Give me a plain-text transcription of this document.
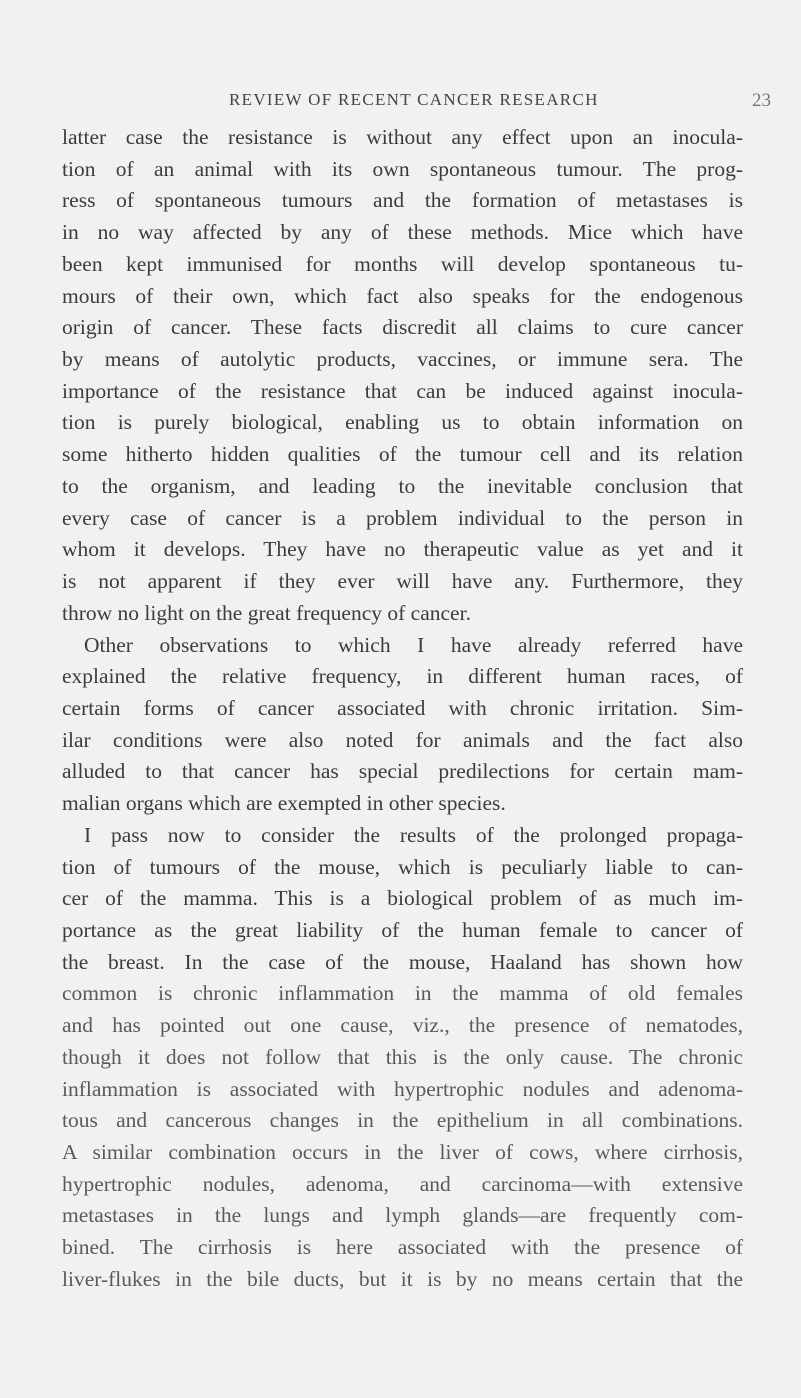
REVIEW OF RECENT CANCER RESEARCH	23
latter case the resistance is without any effect upon an inocula-
tion of an animal with its own spontaneous tumour. The prog-
ress of spontaneous tumours and the formation of metastases is
in no way affected by any of these methods. Mice which have
been kept immunised for months will develop spontaneous tu-
mours of their own, which fact also speaks for the endogenous
origin of cancer. These facts discredit all claims to cure cancer
by means of autolytic products, vaccines, or immune sera. The
importance of the resistance that can be induced against inocula-
tion is purely biological, enabling us to obtain information on
some hitherto hidden qualities of the tumour cell and its relation
to the organism, and leading to the inevitable conclusion that
every case of cancer is a problem individual to the person in
whom it develops. They have no therapeutic value as yet and it
is not apparent if they ever will have any. Furthermore, they
throw no light on the great frequency of cancer.
Other observations to which I have already referred have
explained the relative frequency, in different human races, of
certain forms of cancer associated with chronic irritation. Sim-
ilar conditions were also noted for animals and the fact also
alluded to that cancer has special predilections for certain mam-
malian organs which are exempted in other species.
I pass now to consider the results of the prolonged propaga-
tion of tumours of the mouse, which is peculiarly liable to can-
cer of the mamma. This is a biological problem of as much im-
portance as the great liability of the human female to cancer of
the breast. In the case of the mouse, Haaland has shown how
common is chronic inflammation in the mamma of old females
and has pointed out one cause, viz., the presence of nematodes,
though it does not follow that this is the only cause. The chronic
inflammation is associated with hypertrophic nodules and adenoma-
tous and cancerous changes in the epithelium in all combinations.
A similar combination occurs in the liver of cows, where cirrhosis,
hypertrophic nodules, adenoma, and carcinoma—with extensive
metastases in the lungs and lymph glands—are frequently com-
bined. The cirrhosis is here associated with the presence of
liver-flukes in the bile ducts, but it is by no means certain that the
